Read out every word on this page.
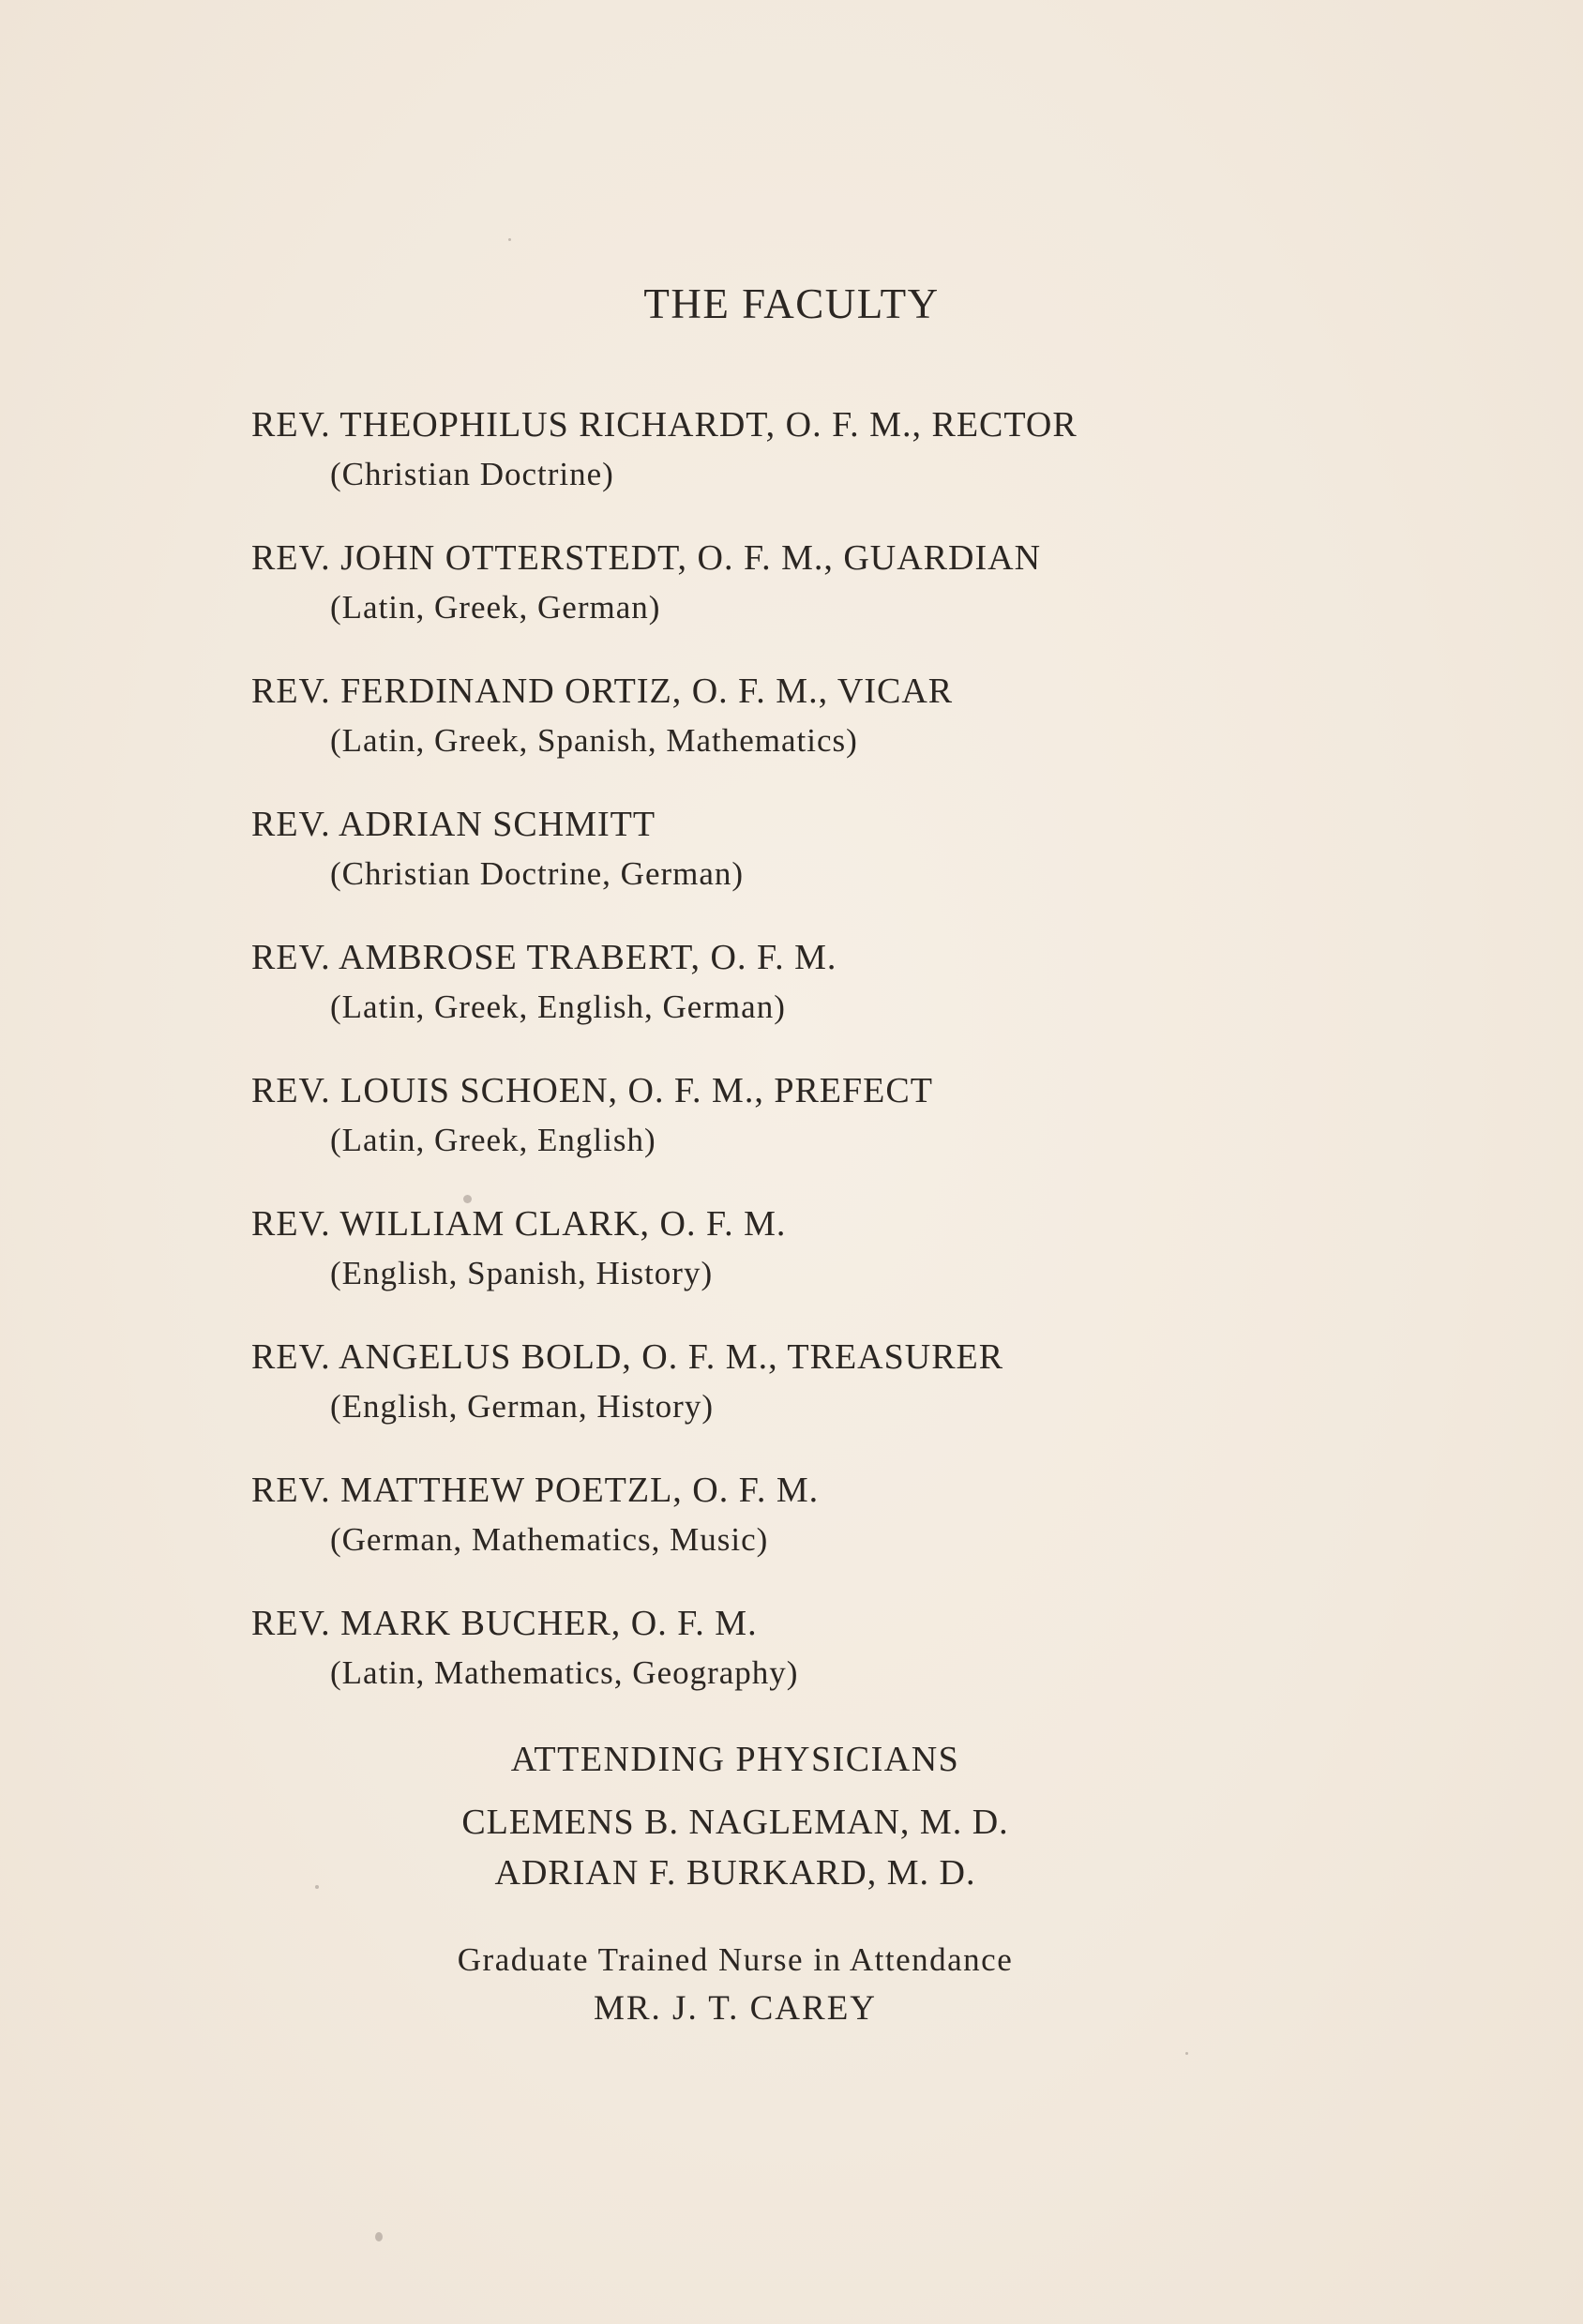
THE FACULTY
REV. THEOPHILUS RICHARDT, O. F. M., RECTOR
(Christian Doctrine)
REV. JOHN OTTERSTEDT, O. F. M., GUARDIAN
(Latin, Greek, German)
REV. FERDINAND ORTIZ, O. F. M., VICAR
(Latin, Greek, Spanish, Mathematics)
REV. ADRIAN SCHMITT
(Christian Doctrine, German)
REV. AMBROSE TRABERT, O. F. M.
(Latin, Greek, English, German)
REV. LOUIS SCHOEN, O. F. M., PREFECT
(Latin, Greek, English)
REV. WILLIAM CLARK, O. F. M.
(English, Spanish, History)
REV. ANGELUS BOLD, O. F. M., TREASURER
(English, German, History)
REV. MATTHEW POETZL, O. F. M.
(German, Mathematics, Music)
REV. MARK BUCHER, O. F. M.
(Latin, Mathematics, Geography)
ATTENDING PHYSICIANS
CLEMENS B. NAGLEMAN, M. D.
ADRIAN F. BURKARD, M. D.
Graduate Trained Nurse in Attendance
MR. J. T. CAREY
